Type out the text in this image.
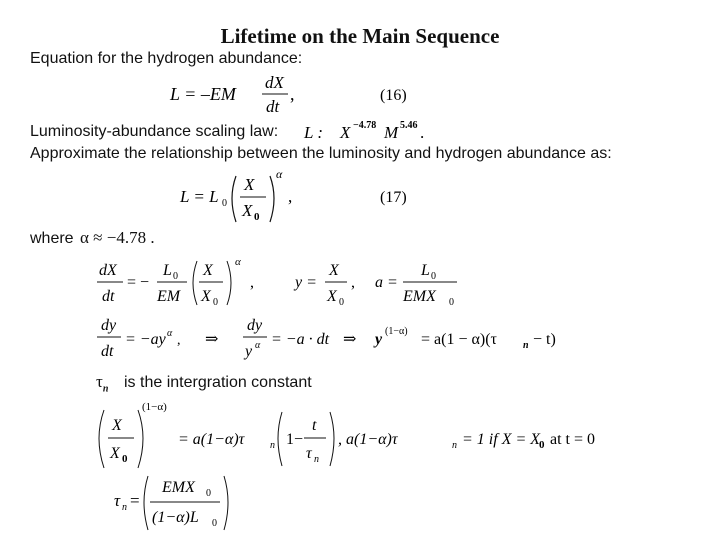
Lifetime on the Main Sequence
Equation for the hydrogen abundance:
L = –EM
dX
dt
,	(16)
Luminosity-abundance scaling law: L : X −4.78 M 5.46 .
Approximate the relationship between the luminosity and hydrogen abundance as:
L = L 0
X
X 0
α
,	(17)
where α ≈ −4.78 .
dX
dt
= −
L 0
EM
X
X 0
α
,	y =
X
X 0
, a =
L 0
EMX 0
dy
dt
= −ay α , ⇒
dy
y α = −a · dt ⇒ y (1−α) = a(1 − α)(τ	n − t)
$\tau_n$ is the intergration constant
X
X 0
(1−α)
= a(1−α)τ	n 1−
t
τ n
, a(1−α)τ	n = 1 if X = X
0 at t = 0
τ n =
EMX 0
(1−α)L 0
